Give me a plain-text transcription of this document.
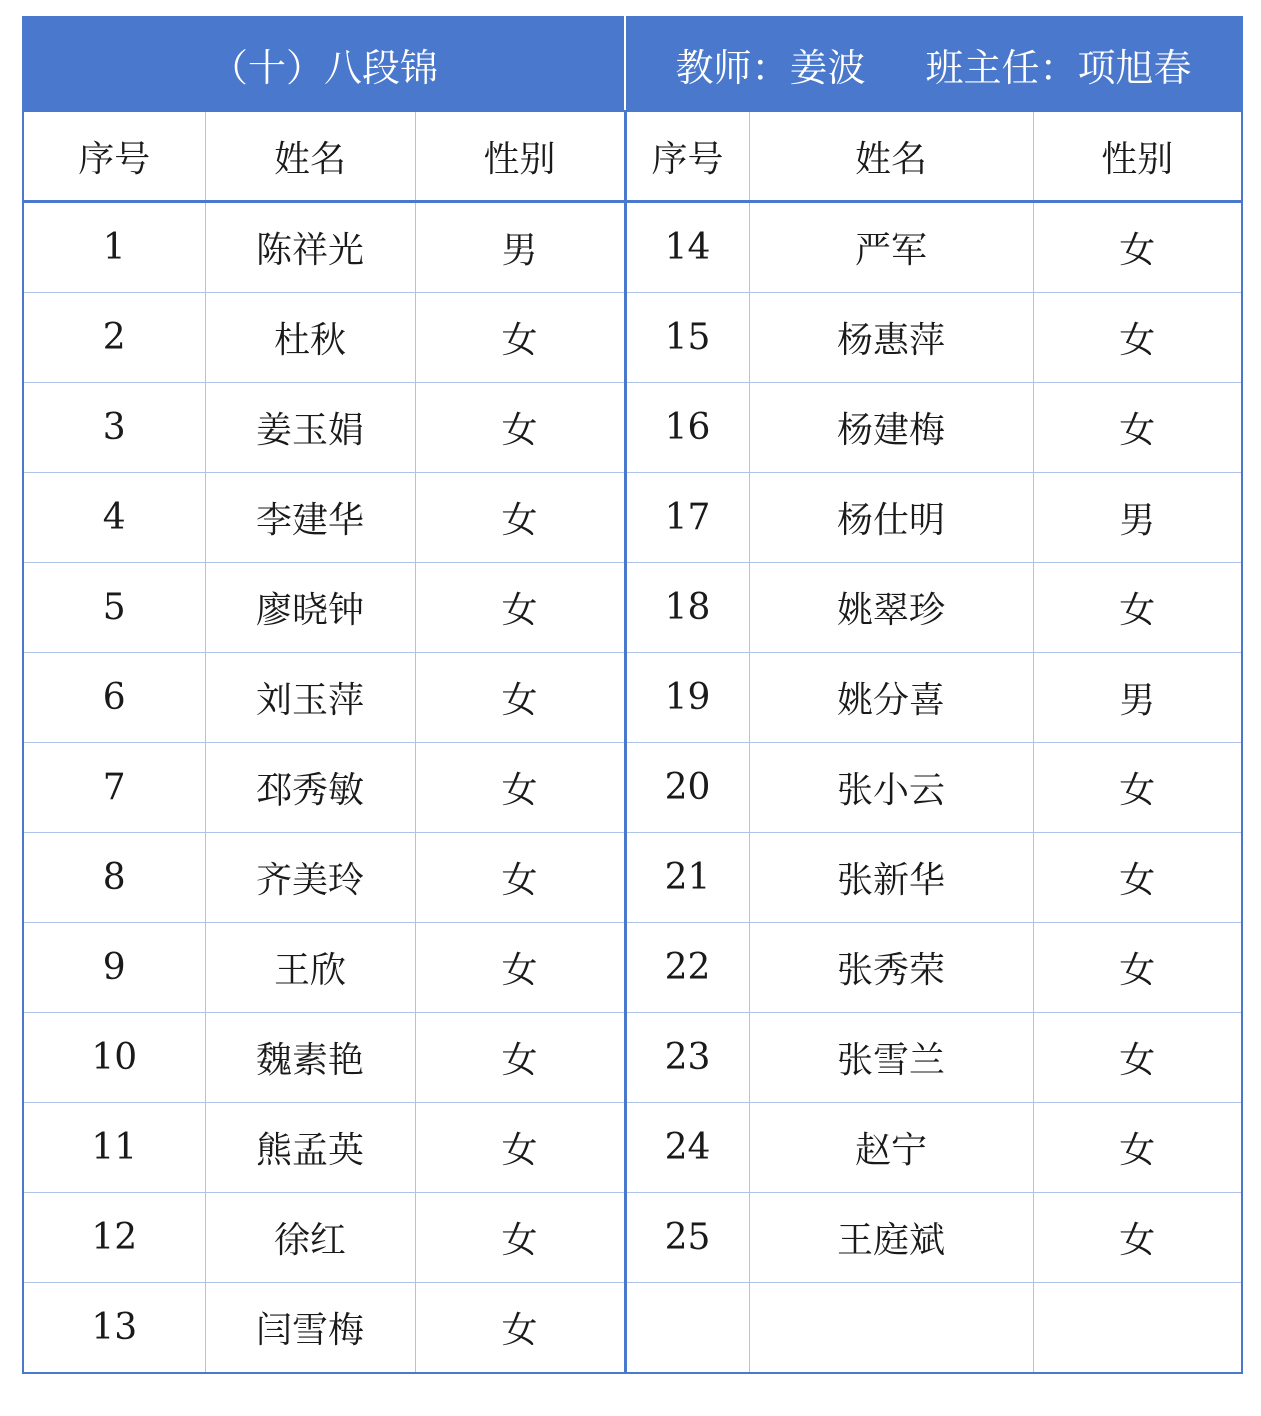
（十）八段锦			教师：姜波 班主任：项旭春		
序号	姓名	性别	序号	姓名	性别
1	陈祥光	男	14	严军	女
2	杜秋	女	15	杨惠萍	女
3	姜玉娟	女	16	杨建梅	女
4	李建华	女	17	杨仕明	男
5	廖晓钟	女	18	姚翠珍	女
6	刘玉萍	女	19	姚分喜	男
7	邳秀敏	女	20	张小云	女
8	齐美玲	女	21	张新华	女
9	王欣	女	22	张秀荣	女
10	魏素艳	女	23	张雪兰	女
11	熊孟英	女	24	赵宁	女
12	徐红	女	25	王庭斌	女
13	闫雪梅	女			
